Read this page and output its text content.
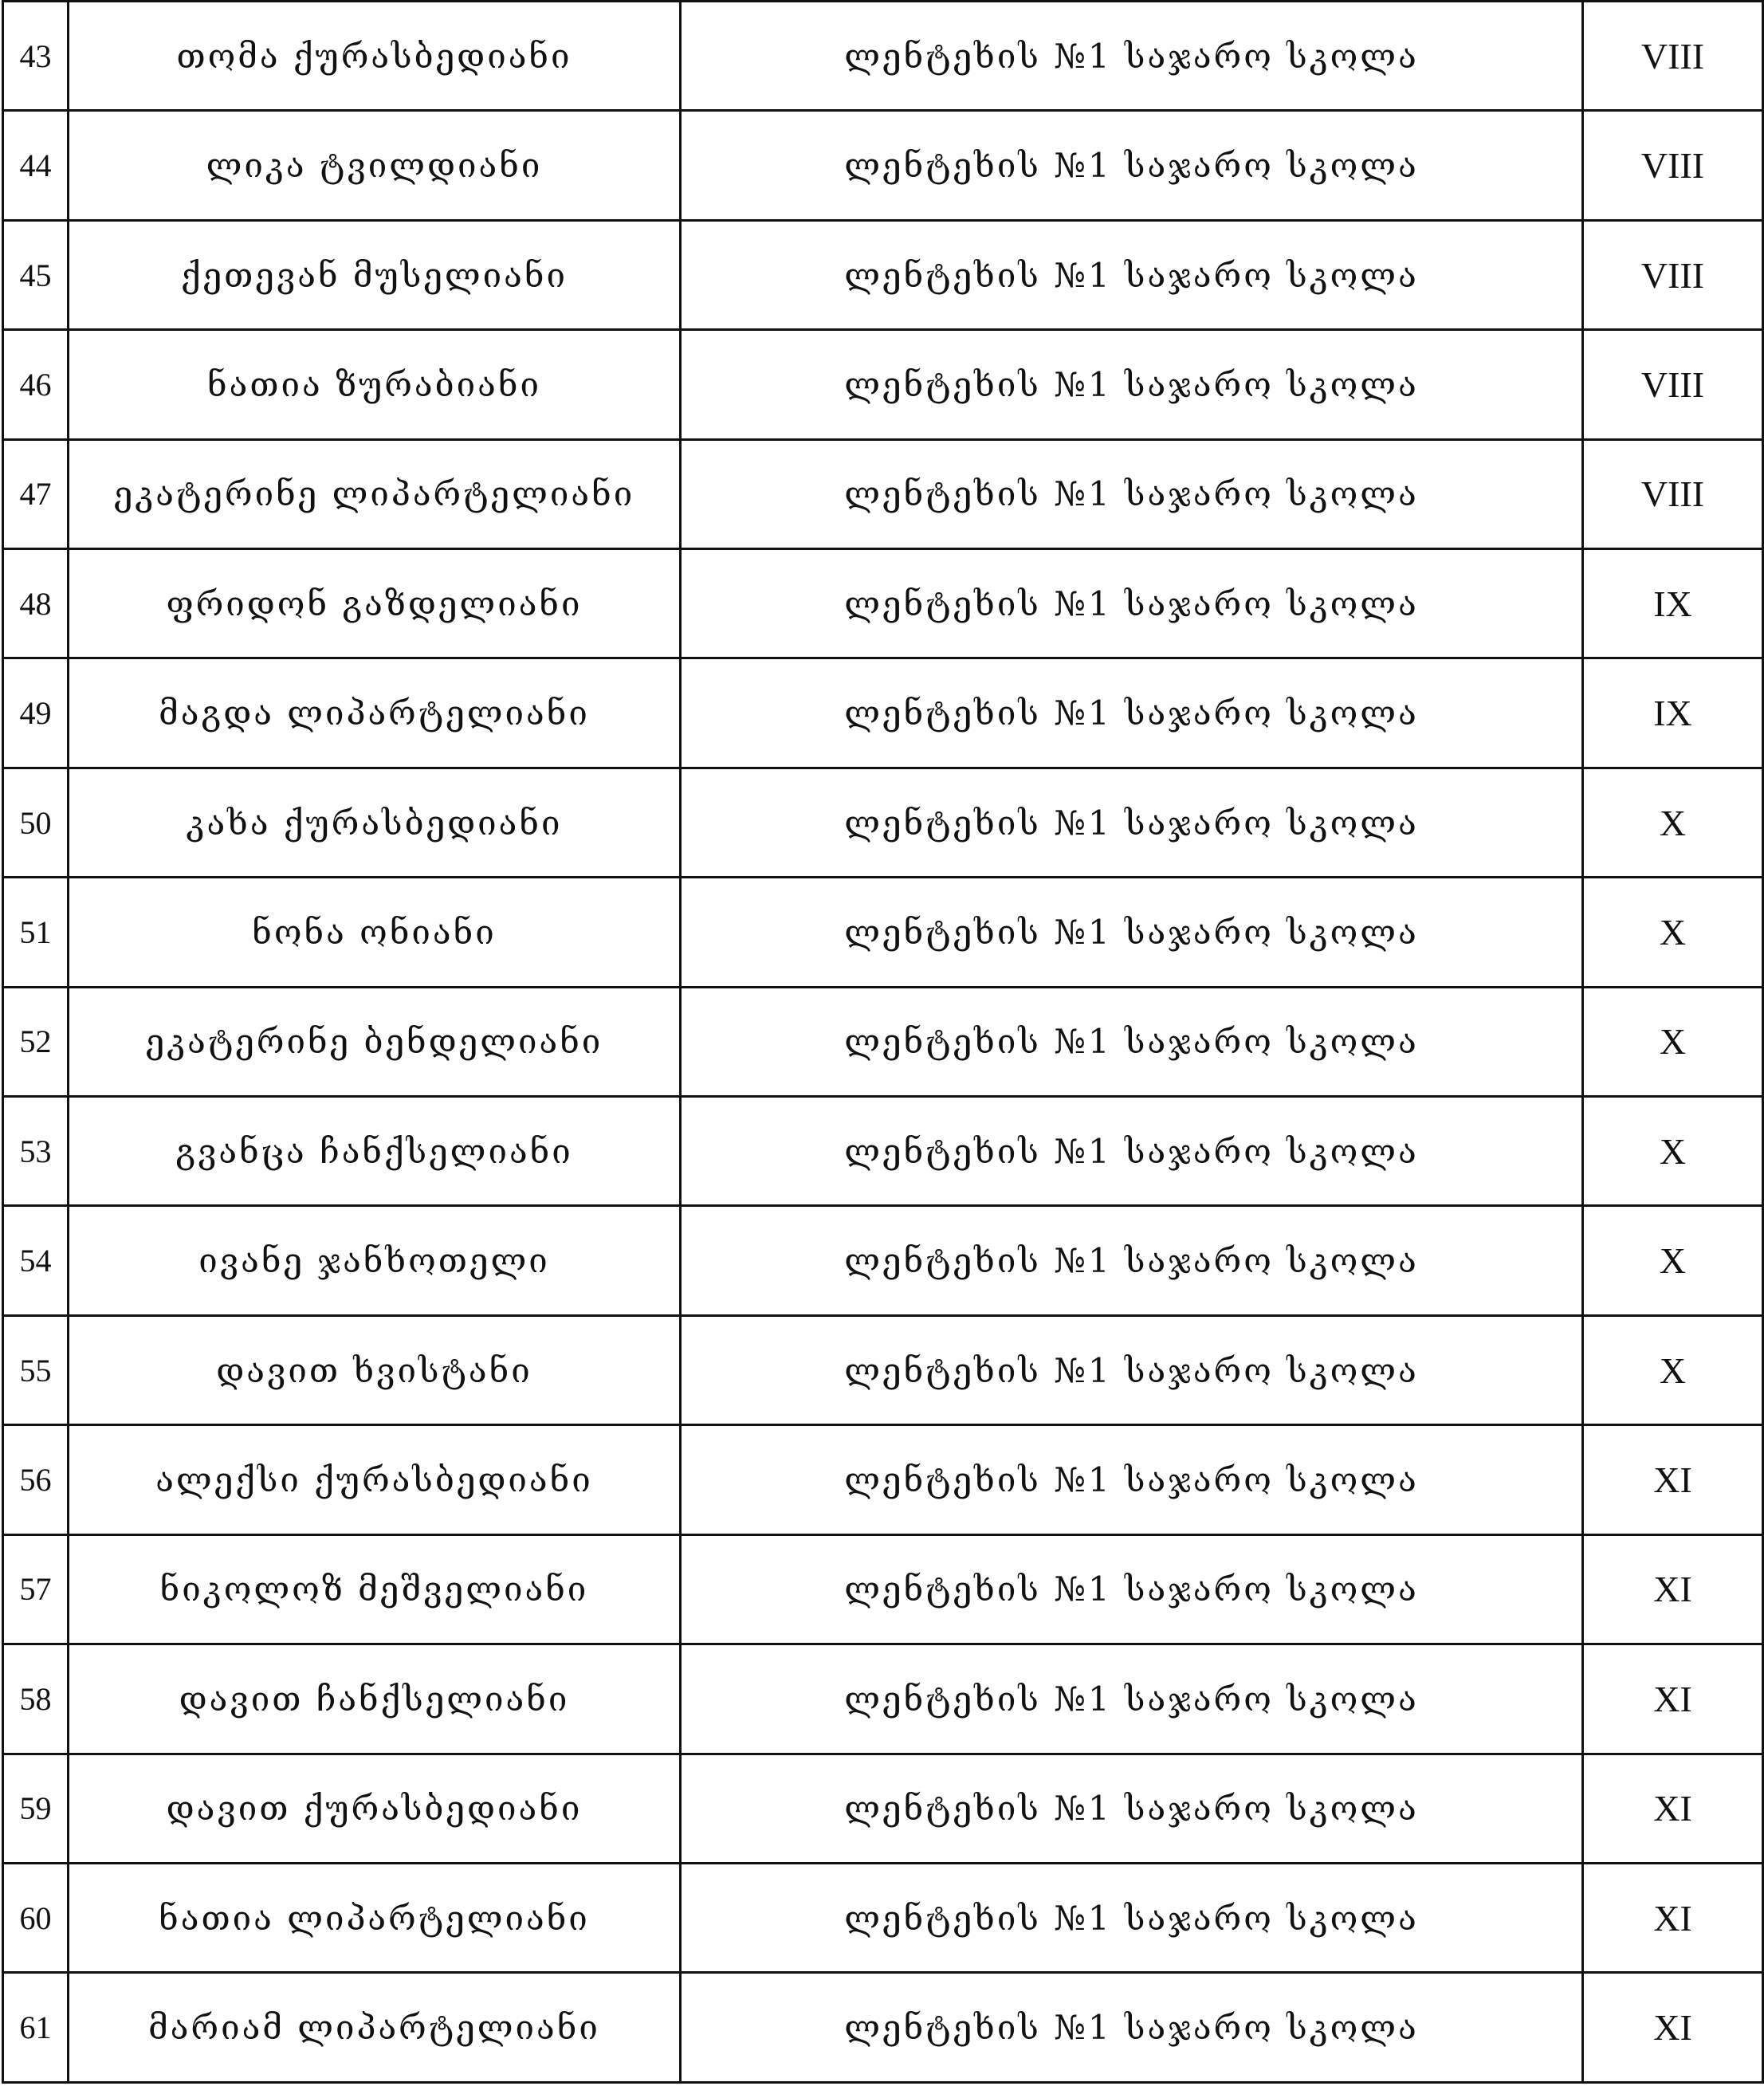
43	თომა ქურასბედიანი	ლენტეხის №1 საჯარო სკოლა	VIII
44	ლიკა ტვილდიანი	ლენტეხის №1 საჯარო სკოლა	VIII
45	ქეთევან მუსელიანი	ლენტეხის №1 საჯარო სკოლა	VIII
46	ნათია ზურაბიანი	ლენტეხის №1 საჯარო სკოლა	VIII
47	ეკატერინე ლიპარტელიანი	ლენტეხის №1 საჯარო სკოლა	VIII
48	ფრიდონ გაზდელიანი	ლენტეხის №1 საჯარო სკოლა	IX
49	მაგდა ლიპარტელიანი	ლენტეხის №1 საჯარო სკოლა	IX
50	კახა ქურასბედიანი	ლენტეხის №1 საჯარო სკოლა	X
51	ნონა ონიანი	ლენტეხის №1 საჯარო სკოლა	X
52	ეკატერინე ბენდელიანი	ლენტეხის №1 საჯარო სკოლა	X
53	გვანცა ჩანქსელიანი	ლენტეხის №1 საჯარო სკოლა	X
54	ივანე ჯანხოთელი	ლენტეხის №1 საჯარო სკოლა	X
55	დავით ხვისტანი	ლენტეხის №1 საჯარო სკოლა	X
56	ალექსი ქურასბედიანი	ლენტეხის №1 საჯარო სკოლა	XI
57	ნიკოლოზ მეშველიანი	ლენტეხის №1 საჯარო სკოლა	XI
58	დავით ჩანქსელიანი	ლენტეხის №1 საჯარო სკოლა	XI
59	დავით ქურასბედიანი	ლენტეხის №1 საჯარო სკოლა	XI
60	ნათია ლიპარტელიანი	ლენტეხის №1 საჯარო სკოლა	XI
61	მარიამ ლიპარტელიანი	ლენტეხის №1 საჯარო სკოლა	XI
